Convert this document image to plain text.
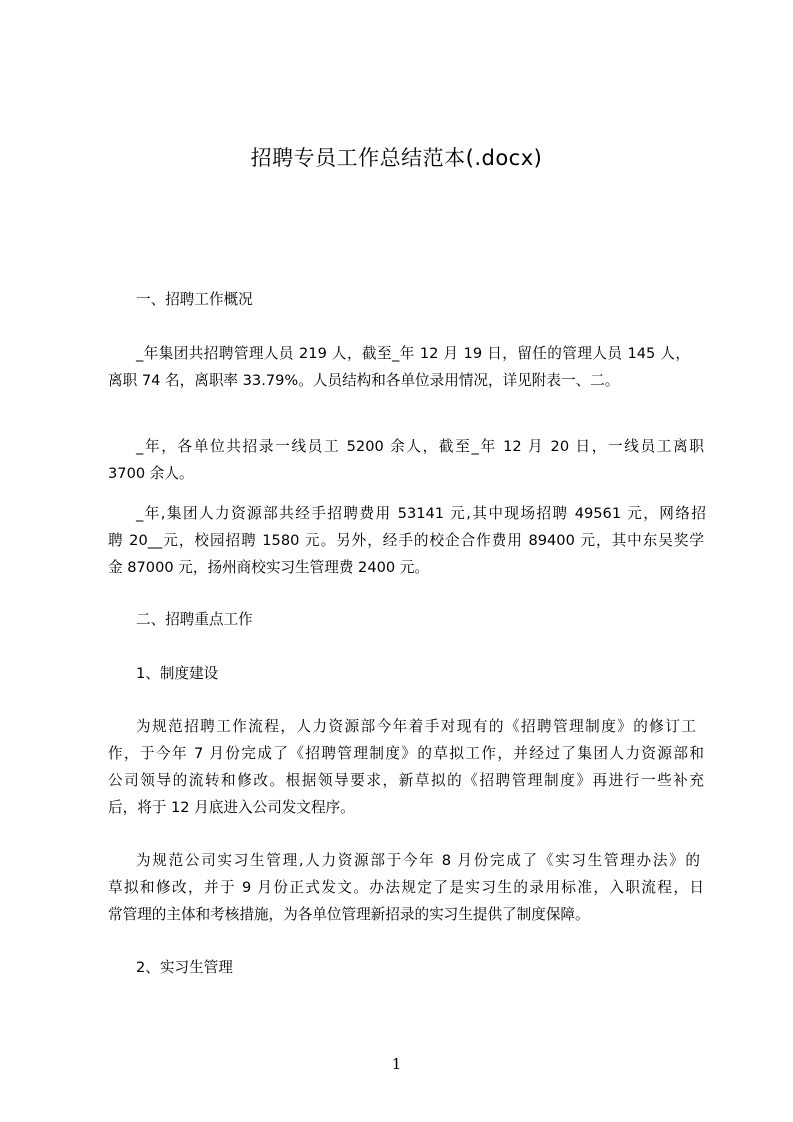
招聘专员工作总结范本(.docx)
一、招聘工作概况
_年集团共招聘管理人员 219 人，截至_年 12 月 19 日，留任的管理人员 145 人，
离职 74 名，离职率 33.79%。人员结构和各单位录用情况，详见附表一、二。
_年，各单位共招录一线员工 5200 余人，截至_年 12 月 20 日，一线员工离职
3700 余人。
_年,集团人力资源部共经手招聘费用 53141 元,其中现场招聘 49561 元，网络招
聘 20__元，校园招聘 1580 元。另外，经手的校企合作费用 89400 元，其中东吴奖学
金 87000 元，扬州商校实习生管理费 2400 元。
二、招聘重点工作
1、制度建设
为规范招聘工作流程，人力资源部今年着手对现有的《招聘管理制度》的修订工
作，于今年 7 月份完成了《招聘管理制度》的草拟工作，并经过了集团人力资源部和
公司领导的流转和修改。根据领导要求，新草拟的《招聘管理制度》再进行一些补充
后，将于 12 月底进入公司发文程序。
为规范公司实习生管理,人力资源部于今年 8 月份完成了《实习生管理办法》的
草拟和修改，并于 9 月份正式发文。办法规定了是实习生的录用标准，入职流程，日
常管理的主体和考核措施，为各单位管理新招录的实习生提供了制度保障。
2、实习生管理
1
